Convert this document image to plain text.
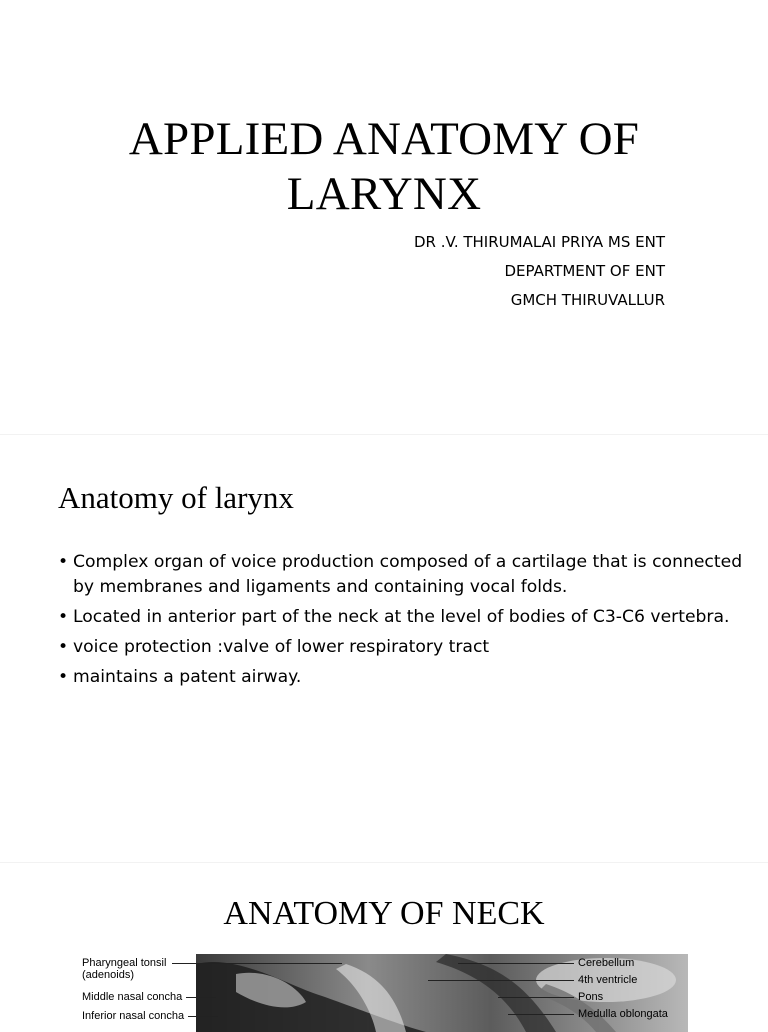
APPLIED ANATOMY OF
LARYNX
DR .V. THIRUMALAI PRIYA MS ENT
DEPARTMENT OF ENT
GMCH THIRUVALLUR
Anatomy of larynx
• Complex organ of voice production composed of a cartilage that is connected by membranes and ligaments and containing vocal folds.
• Located in anterior part of the neck at the level of bodies of C3-C6 vertebra.
• voice protection :valve of lower respiratory tract
• maintains a patent airway.
ANATOMY OF NECK
Pharyngeal tonsil
(adenoids)
Middle nasal concha
Inferior nasal concha
Cerebellum
4th ventricle
Pons
Medulla oblongata
